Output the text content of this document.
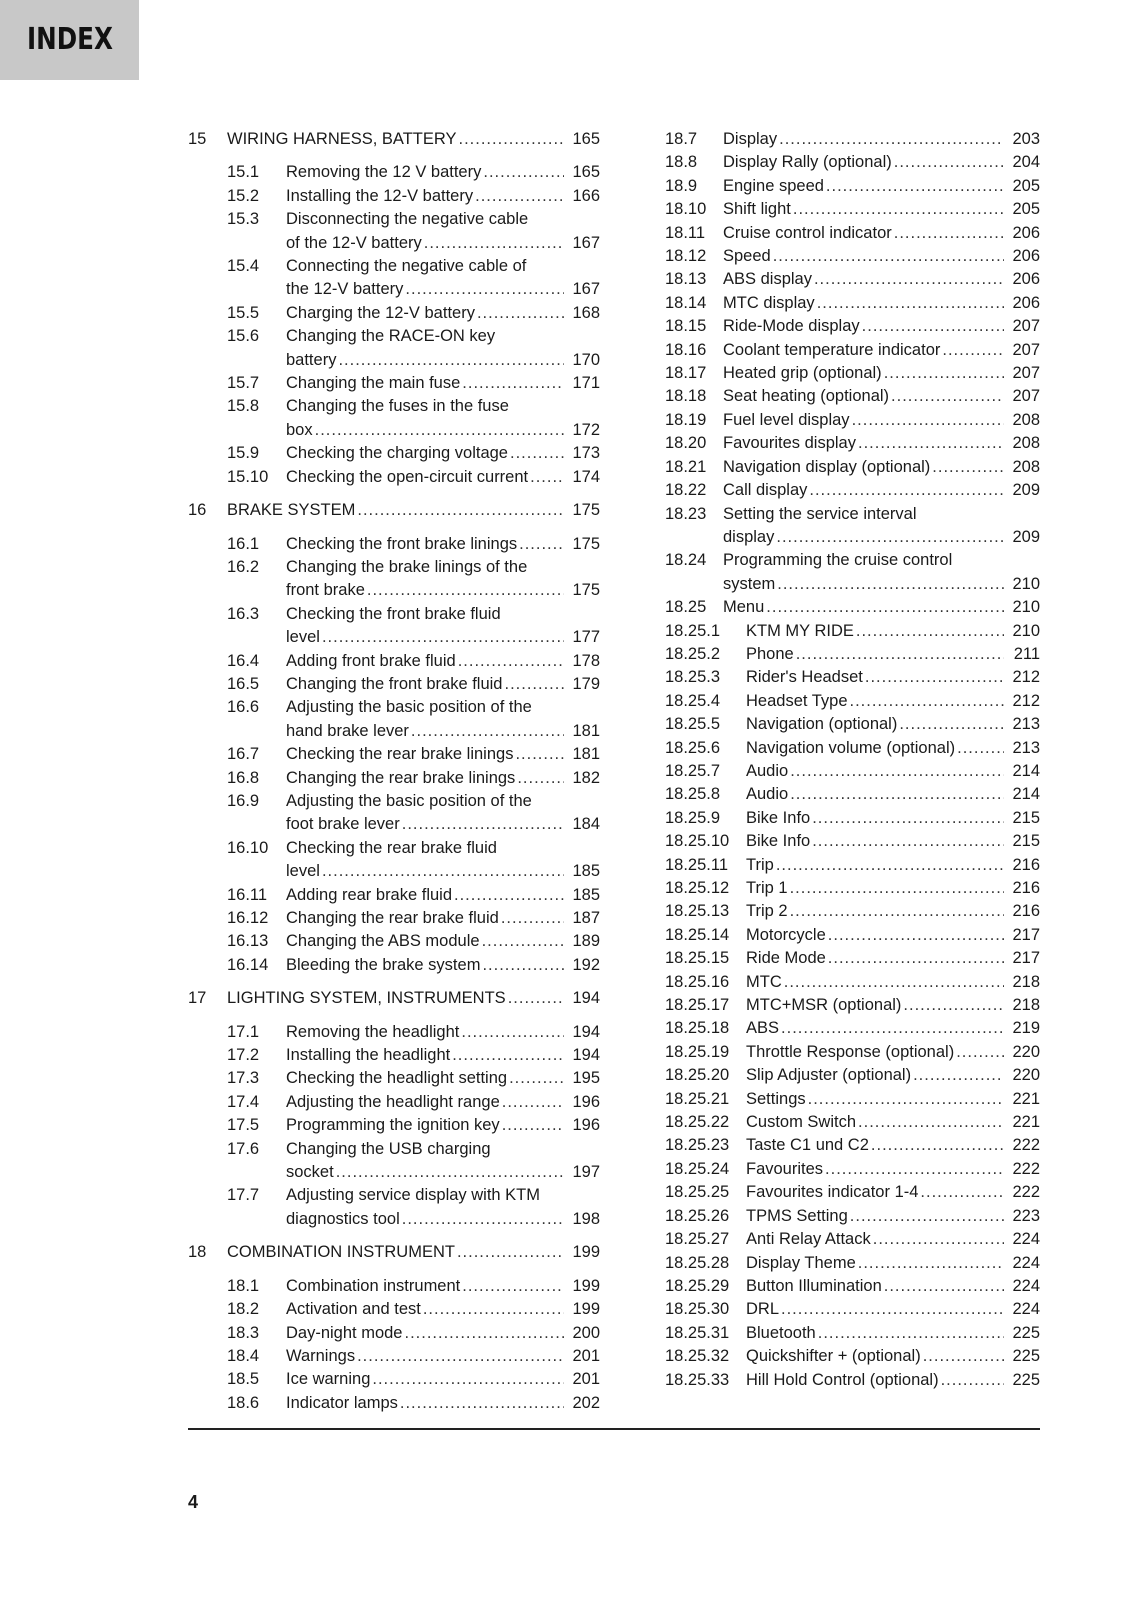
INDEX
15 WIRING HARNESS, BATTERY .....	165
15.1 Removing the 12 V battery .....	165
15.2 Installing the 12-V battery .....	166
15.3 Disconnecting the negative cable
of the 12-V battery .....	167
15.4 Connecting the negative cable of
the 12-V battery .....	167
15.5 Charging the 12-V battery .....	168
15.6 Changing the RACE-ON key
battery .....	170
15.7 Changing the main fuse .....	171
15.8 Changing the fuses in the fuse
box .....	172
15.9 Checking the charging voltage .....	173
15.10 Checking the open-circuit current .....	174
16 BRAKE SYSTEM .....	175
16.1 Checking the front brake linings .....	175
16.2 Changing the brake linings of the
front brake .....	175
16.3 Checking the front brake fluid
level .....	177
16.4 Adding front brake fluid .....	178
16.5 Changing the front brake fluid .....	179
16.6 Adjusting the basic position of the
hand brake lever .....	181
16.7 Checking the rear brake linings .....	181
16.8 Changing the rear brake linings .....	182
16.9 Adjusting the basic position of the
foot brake lever .....	184
16.10 Checking the rear brake fluid
level .....	185
16.11 Adding rear brake fluid .....	185
16.12 Changing the rear brake fluid .....	187
16.13 Changing the ABS module .....	189
16.14 Bleeding the brake system .....	192
17 LIGHTING SYSTEM, INSTRUMENTS .....	194
17.1 Removing the headlight .....	194
17.2 Installing the headlight .....	194
17.3 Checking the headlight setting .....	195
17.4 Adjusting the headlight range .....	196
17.5 Programming the ignition key .....	196
17.6 Changing the USB charging
socket .....	197
17.7 Adjusting service display with KTM
diagnostics tool .....	198
18 COMBINATION INSTRUMENT .....	199
18.1 Combination instrument .....	199
18.2 Activation and test .....	199
18.3 Day-night mode .....	200
18.4 Warnings .....	201
18.5 Ice warning .....	201
18.6 Indicator lamps .....	202
18.7 Display .....	203
18.8 Display Rally (optional) .....	204
18.9 Engine speed .....	205
18.10 Shift light .....	205
18.11 Cruise control indicator .....	206
18.12 Speed .....	206
18.13 ABS display .....	206
18.14 MTC display .....	206
18.15 Ride-Mode display .....	207
18.16 Coolant temperature indicator .....	207
18.17 Heated grip (optional) .....	207
18.18 Seat heating (optional) .....	207
18.19 Fuel level display .....	208
18.20 Favourites display .....	208
18.21 Navigation display (optional) .....	208
18.22 Call display .....	209
18.23 Setting the service interval
display .....	209
18.24 Programming the cruise control
system .....	210
18.25 Menu .....	210
18.25.1 KTM MY RIDE .....	210
18.25.2 Phone .....	211
18.25.3 Rider's Headset .....	212
18.25.4 Headset Type .....	212
18.25.5 Navigation (optional) .....	213
18.25.6 Navigation volume (optional) .....	213
18.25.7 Audio .....	214
18.25.8 Audio .....	214
18.25.9 Bike Info .....	215
18.25.10 Bike Info .....	215
18.25.11 Trip .....	216
18.25.12 Trip 1 .....	216
18.25.13 Trip 2 .....	216
18.25.14 Motorcycle .....	217
18.25.15 Ride Mode .....	217
18.25.16 MTC .....	218
18.25.17 MTC+MSR (optional) .....	218
18.25.18 ABS .....	219
18.25.19 Throttle Response (optional) .....	220
18.25.20 Slip Adjuster (optional) .....	220
18.25.21 Settings .....	221
18.25.22 Custom Switch .....	221
18.25.23 Taste C1 und C2 .....	222
18.25.24 Favourites .....	222
18.25.25 Favourites indicator 1-4 .....	222
18.25.26 TPMS Setting .....	223
18.25.27 Anti Relay Attack .....	224
18.25.28 Display Theme .....	224
18.25.29 Button Illumination .....	224
18.25.30 DRL .....	224
18.25.31 Bluetooth .....	225
18.25.32 Quickshifter + (optional) .....	225
18.25.33 Hill Hold Control (optional) .....	225
4
